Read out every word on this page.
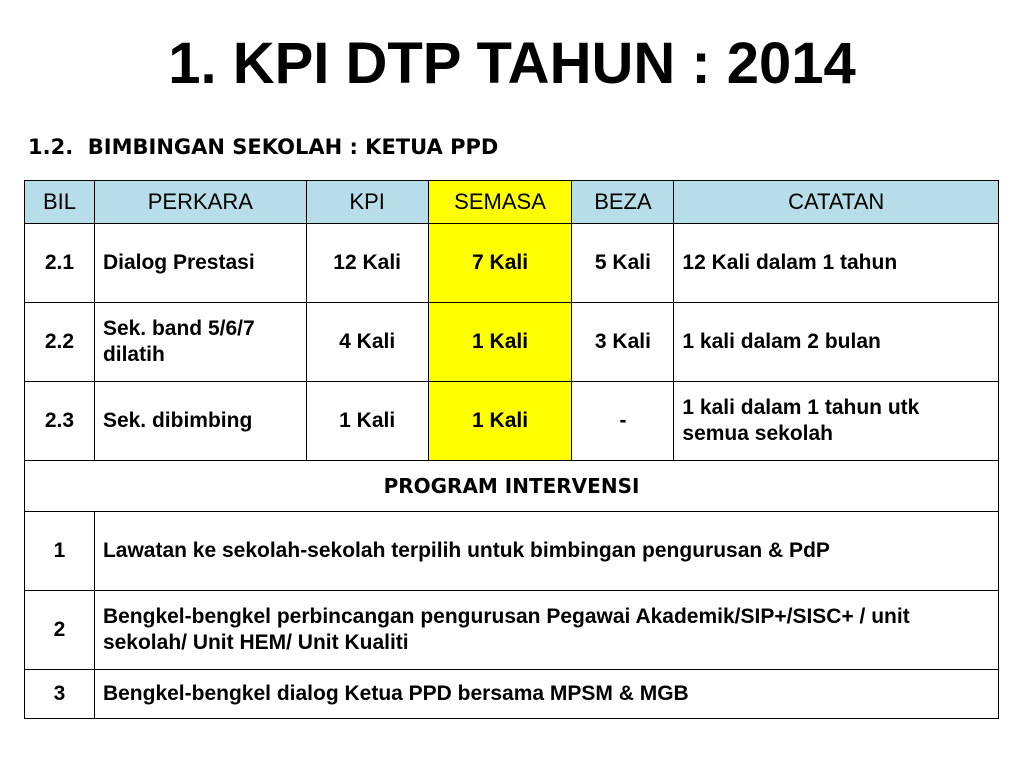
1. KPI DTP TAHUN : 2014
1.2.  BIMBINGAN SEKOLAH : KETUA PPD
BIL	PERKARA	KPI	SEMASA	BEZA	CATATAN
2.1	Dialog Prestasi	12 Kali	7 Kali	5 Kali	12 Kali dalam 1 tahun
2.2	Sek. band 5/6/7 dilatih	4 Kali	1 Kali	3 Kali	1 kali dalam 2 bulan
2.3	Sek. dibimbing	1 Kali	1 Kali	-	1 kali dalam 1 tahun utk semua sekolah
PROGRAM INTERVENSI					
1	Lawatan ke sekolah-sekolah terpilih untuk bimbingan pengurusan & PdP				
2	Bengkel-bengkel perbincangan pengurusan Pegawai Akademik/SIP+/SISC+ / unit sekolah/ Unit HEM/ Unit Kualiti				
3	Bengkel-bengkel dialog Ketua PPD bersama MPSM & MGB				
